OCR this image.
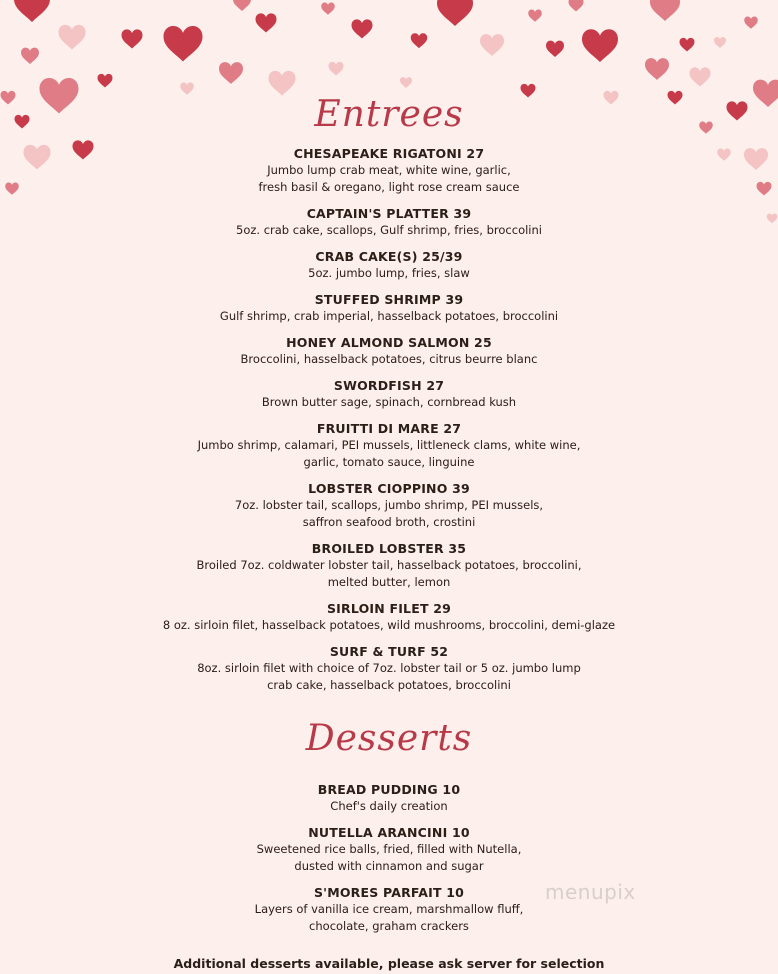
Entrees
CHESAPEAKE RIGATONI 27
Jumbo lump crab meat, white wine, garlic,
fresh basil & oregano, light rose cream sauce
CAPTAIN'S PLATTER 39
5oz. crab cake, scallops, Gulf shrimp, fries, broccolini
CRAB CAKE(S) 25/39
5oz. jumbo lump, fries, slaw
STUFFED SHRIMP 39
Gulf shrimp, crab imperial, hasselback potatoes, broccolini
HONEY ALMOND SALMON 25
Broccolini, hasselback potatoes, citrus beurre blanc
SWORDFISH 27
Brown butter sage, spinach, cornbread kush
FRUITTI DI MARE 27
Jumbo shrimp, calamari, PEI mussels, littleneck clams, white wine,
garlic, tomato sauce, linguine
LOBSTER CIOPPINO 39
7oz. lobster tail, scallops, jumbo shrimp, PEI mussels,
saffron seafood broth, crostini
BROILED LOBSTER 35
Broiled 7oz. coldwater lobster tail, hasselback potatoes, broccolini,
melted butter, lemon
SIRLOIN FILET 29
8 oz. sirloin filet, hasselback potatoes, wild mushrooms, broccolini, demi-glaze
SURF & TURF 52
8oz. sirloin filet with choice of 7oz. lobster tail or 5 oz. jumbo lump
crab cake, hasselback potatoes, broccolini
Desserts
BREAD PUDDING 10
Chef's daily creation
NUTELLA ARANCINI 10
Sweetened rice balls, fried, filled with Nutella,
dusted with cinnamon and sugar
S'MORES PARFAIT 10
Layers of vanilla ice cream, marshmallow fluff,
chocolate, graham crackers
Additional desserts available, please ask server for selection
menupix
